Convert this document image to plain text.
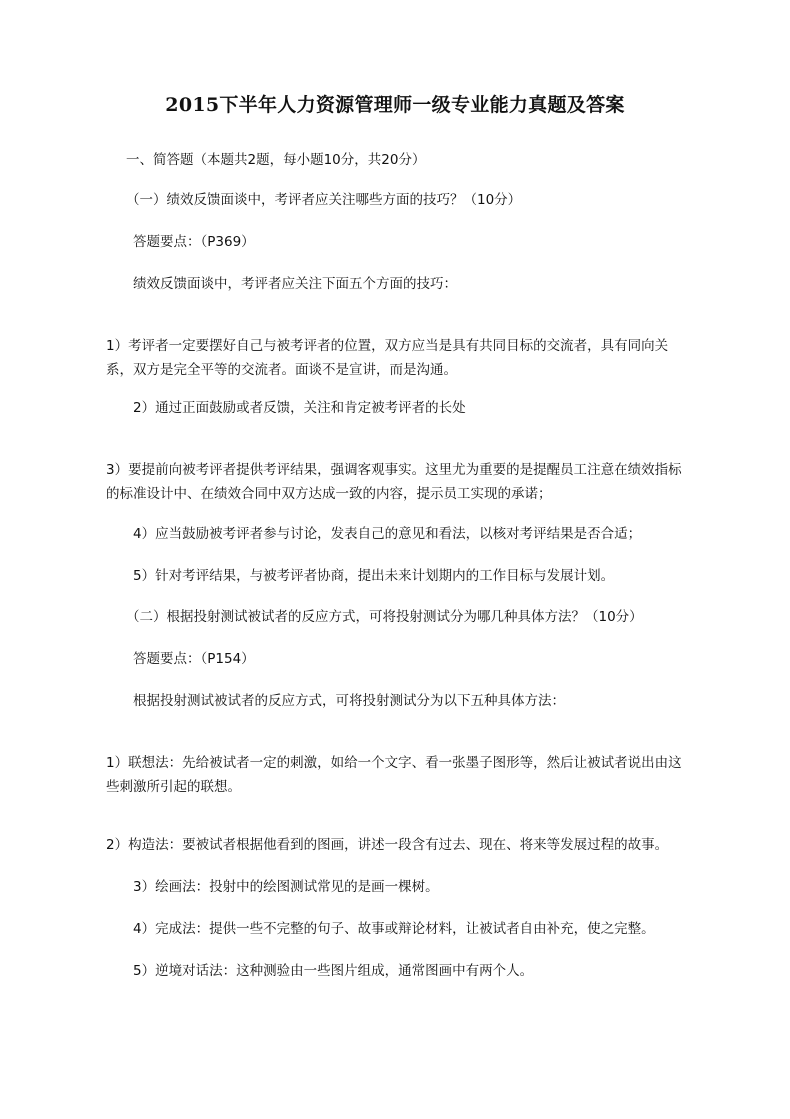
2015下半年人力资源管理师一级专业能力真题及答案

一、简答题（本题共2题，每小题10分，共20分）

（一）绩效反馈面谈中，考评者应关注哪些方面的技巧？（10分）

答题要点：（P369）

绩效反馈面谈中，考评者应关注下面五个方面的技巧：

1）考评者一定要摆好自己与被考评者的位置，双方应当是具有共同目标的交流者，具有同向关系，双方是完全平等的交流者。面谈不是宣讲，而是沟通。

2）通过正面鼓励或者反馈，关注和肯定被考评者的长处

3）要提前向被考评者提供考评结果，强调客观事实。这里尤为重要的是提醒员工注意在绩效指标的标准设计中、在绩效合同中双方达成一致的内容，提示员工实现的承诺；

4）应当鼓励被考评者参与讨论，发表自己的意见和看法，以核对考评结果是否合适；

5）针对考评结果，与被考评者协商，提出未来计划期内的工作目标与发展计划。

（二）根据投射测试被试者的反应方式，可将投射测试分为哪几种具体方法？（10分）

答题要点：（P154）

根据投射测试被试者的反应方式，可将投射测试分为以下五种具体方法：

1）联想法：先给被试者一定的刺激，如给一个文字、看一张墨子图形等，然后让被试者说出由这些刺激所引起的联想。

2）构造法：要被试者根据他看到的图画，讲述一段含有过去、现在、将来等发展过程的故事。

3）绘画法：投射中的绘图测试常见的是画一棵树。

4）完成法：提供一些不完整的句子、故事或辩论材料，让被试者自由补充，使之完整。

5）逆境对话法：这种测验由一些图片组成，通常图画中有两个人。
